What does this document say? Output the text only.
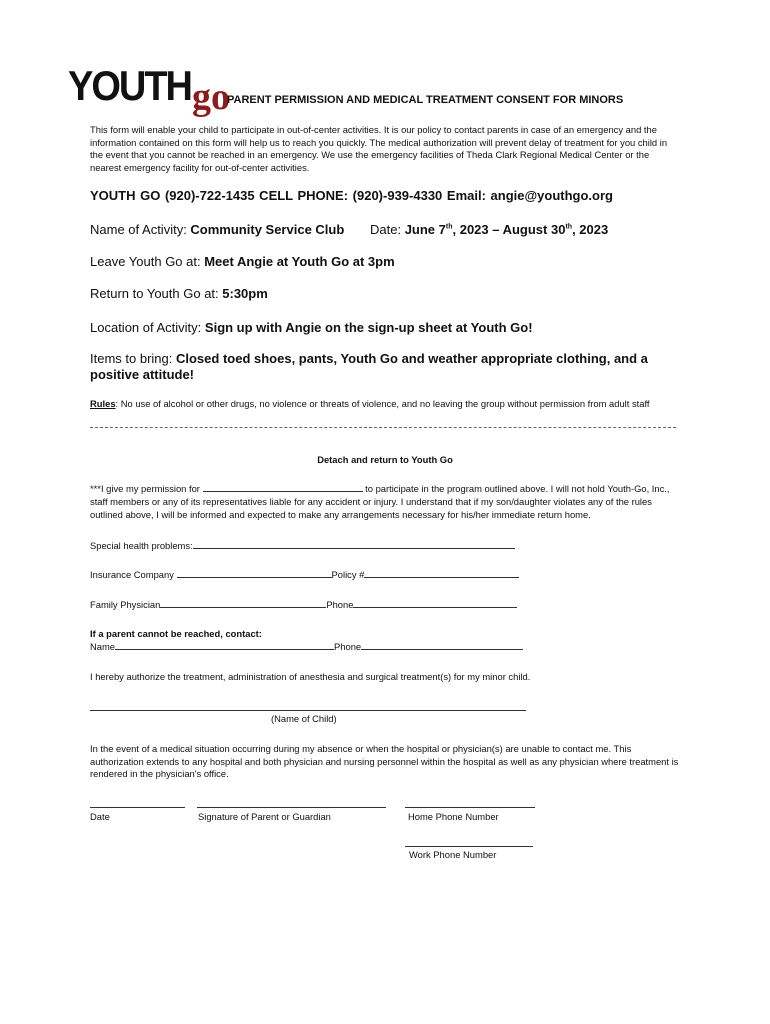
YOUTH go
PARENT PERMISSION AND MEDICAL TREATMENT CONSENT FOR MINORS
This form will enable your child to participate in out-of-center activities. It is our policy to contact parents in case of an emergency and the information contained on this form will help us to reach you quickly. The medical authorization will prevent delay of treatment for you child in the event that you cannot be reached in an emergency. We use the emergency facilities of Theda Clark Regional Medical Center or the nearest emergency facility for out-of-center activities.
YOUTH GO (920)-722-1435 CELL PHONE: (920)-939-4330 Email: angie@youthgo.org
Name of Activity: Community Service Club Date: June 7th, 2023 – August 30th, 2023
Leave Youth Go at: Meet Angie at Youth Go at 3pm
Return to Youth Go at: 5:30pm
Location of Activity: Sign up with Angie on the sign-up sheet at Youth Go!
Items to bring: Closed toed shoes, pants, Youth Go and weather appropriate clothing, and a positive attitude!
Rules: No use of alcohol or other drugs, no violence or threats of violence, and no leaving the group without permission from adult staff
Detach and return to Youth Go
***I give my permission for	to participate in the program outlined above. I will not hold Youth-Go, Inc., staff members or any of its representatives liable for any accident or injury. I understand that if my son/daughter violates any of the rules outlined above, I will be informed and expected to make any arrangements necessary for his/her immediate return home.
Special health problems:
Insurance Company	Policy #
Family Physician	Phone
If a parent cannot be reached, contact:
Name	Phone
I hereby authorize the treatment, administration of anesthesia and surgical treatment(s) for my minor child.
(Name of Child)
In the event of a medical situation occurring during my absence or when the hospital or physician(s) are unable to contact me. This authorization extends to any hospital and both physician and nursing personnel within the hospital as well as any physician where treatment is rendered in the physician's office.
Date	Signature of Parent or Guardian	Home Phone Number
Work Phone Number
